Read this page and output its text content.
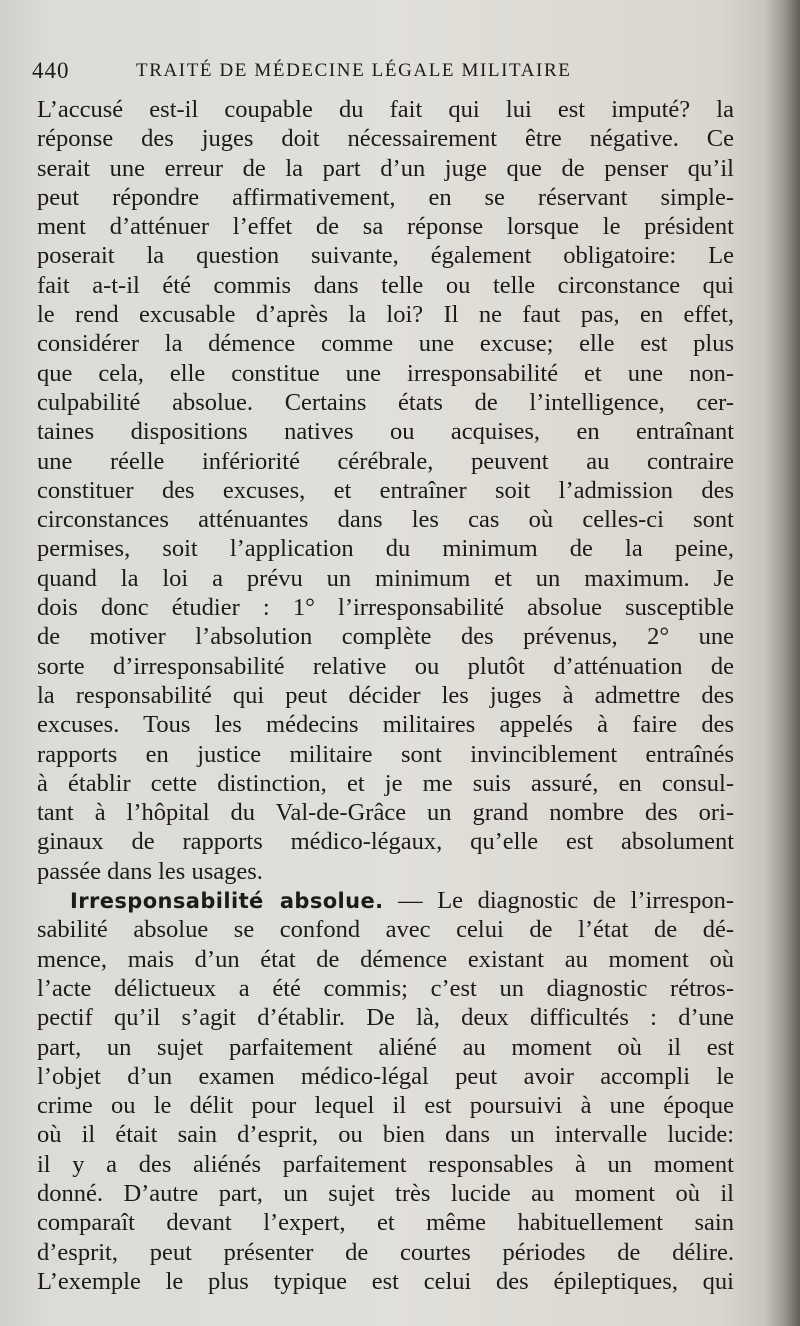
440	TRAITÉ DE MÉDECINE LÉGALE MILITAIRE
L’accusé est-il coupable du fait qui lui est imputé? la
réponse des juges doit nécessairement être négative. Ce
serait une erreur de la part d’un juge que de penser qu’il
peut répondre affirmativement, en se réservant simple-
ment d’atténuer l’effet de sa réponse lorsque le président
poserait la question suivante, également obligatoire: Le
fait a-t-il été commis dans telle ou telle circonstance qui
le rend excusable d’après la loi? Il ne faut pas, en effet,
considérer la démence comme une excuse; elle est plus
que cela, elle constitue une irresponsabilité et une non-
culpabilité absolue. Certains états de l’intelligence, cer-
taines dispositions natives ou acquises, en entraînant
une réelle infériorité cérébrale, peuvent au contraire
constituer des excuses, et entraîner soit l’admission des
circonstances atténuantes dans les cas où celles-ci sont
permises, soit l’application du minimum de la peine,
quand la loi a prévu un minimum et un maximum. Je
dois donc étudier : 1° l’irresponsabilité absolue susceptible
de motiver l’absolution complète des prévenus, 2° une
sorte d’irresponsabilité relative ou plutôt d’atténuation de
la responsabilité qui peut décider les juges à admettre des
excuses. Tous les médecins militaires appelés à faire des
rapports en justice militaire sont invinciblement entraînés
à établir cette distinction, et je me suis assuré, en consul-
tant à l’hôpital du Val-de-Grâce un grand nombre des ori-
ginaux de rapports médico-légaux, qu’elle est absolument
passée dans les usages.
Irresponsabilité absolue. — Le diagnostic de l’irrespon-
sabilité absolue se confond avec celui de l’état de dé-
mence, mais d’un état de démence existant au moment où
l’acte délictueux a été commis; c’est un diagnostic rétros-
pectif qu’il s’agit d’établir. De là, deux difficultés : d’une
part, un sujet parfaitement aliéné au moment où il est
l’objet d’un examen médico-légal peut avoir accompli le
crime ou le délit pour lequel il est poursuivi à une époque
où il était sain d’esprit, ou bien dans un intervalle lucide:
il y a des aliénés parfaitement responsables à un moment
donné. D’autre part, un sujet très lucide au moment où il
comparaît devant l’expert, et même habituellement sain
d’esprit, peut présenter de courtes périodes de délire.
L’exemple le plus typique est celui des épileptiques, qui
